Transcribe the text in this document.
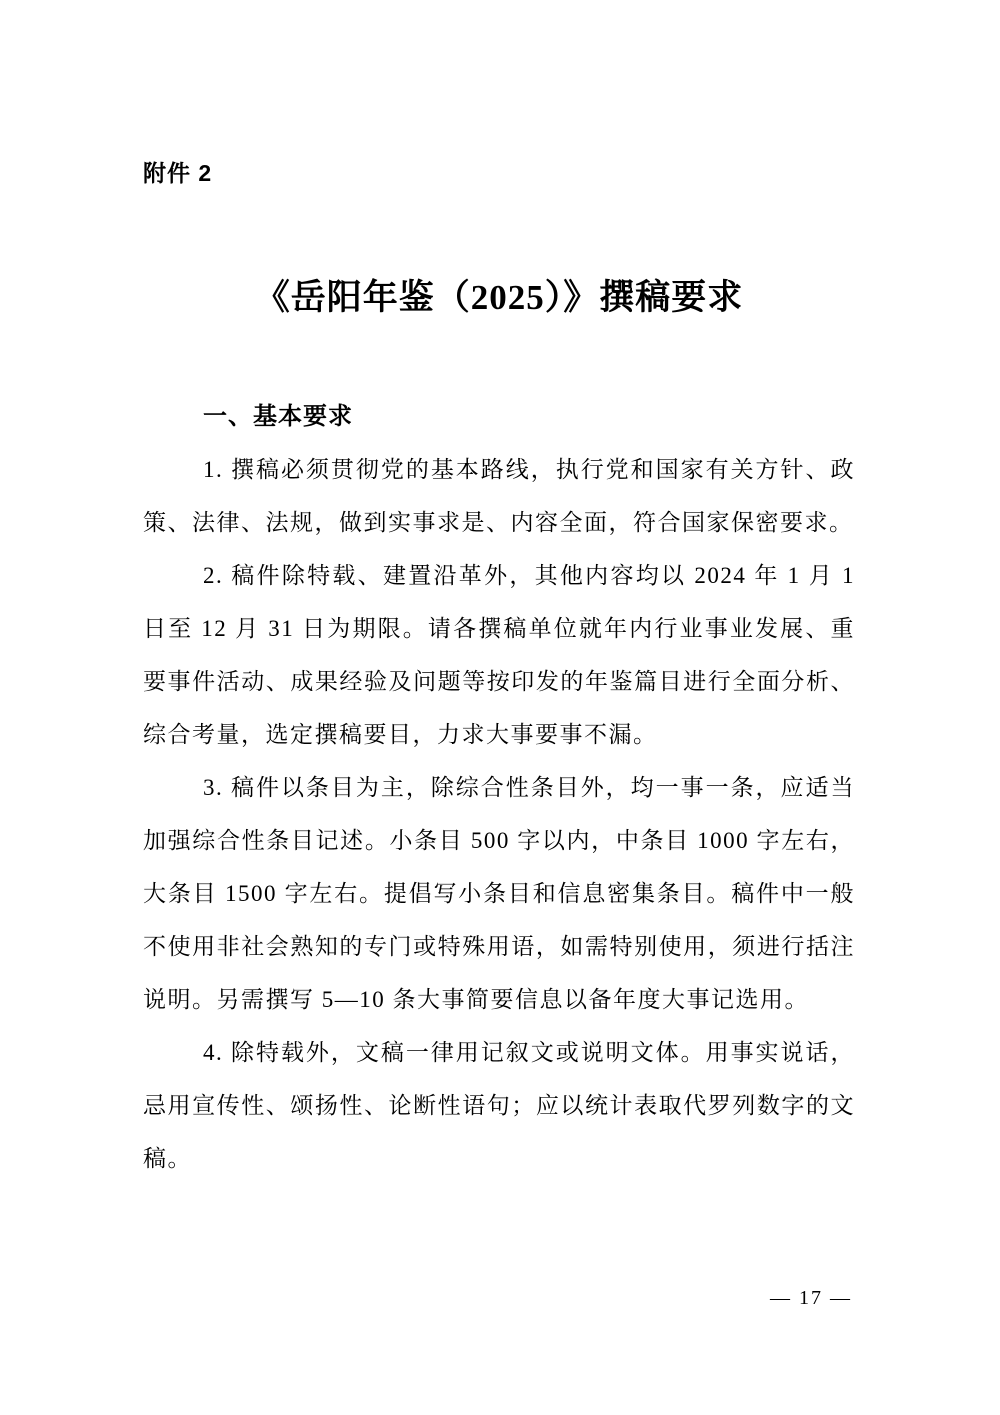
附件 2
《岳阳年鉴（2025）》撰稿要求
一、基本要求

1. 撰稿必须贯彻党的基本路线，执行党和国家有关方针、政策、法律、法规，做到实事求是、内容全面，符合国家保密要求。

2. 稿件除特载、建置沿革外，其他内容均以 2024 年 1 月 1 日至 12 月 31 日为期限。请各撰稿单位就年内行业事业发展、重要事件活动、成果经验及问题等按印发的年鉴篇目进行全面分析、综合考量，选定撰稿要目，力求大事要事不漏。

3. 稿件以条目为主，除综合性条目外，均一事一条，应适当加强综合性条目记述。小条目 500 字以内，中条目 1000 字左右，大条目 1500 字左右。提倡写小条目和信息密集条目。稿件中一般不使用非社会熟知的专门或特殊用语，如需特别使用，须进行括注说明。另需撰写 5—10 条大事简要信息以备年度大事记选用。

4. 除特载外，文稿一律用记叙文或说明文体。用事实说话，忌用宣传性、颂扬性、论断性语句；应以统计表取代罗列数字的文稿。

— 17 —
